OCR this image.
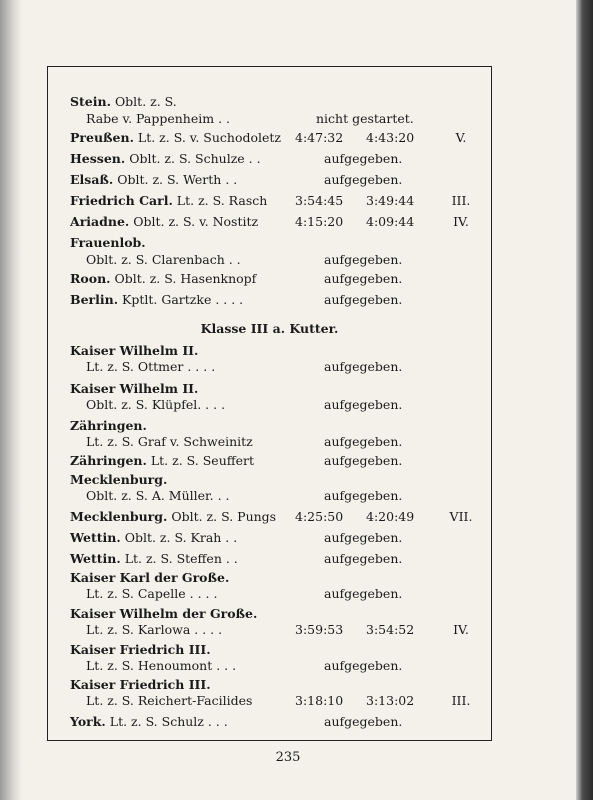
Stein. Oblt. z. S.
Rabe v. Pappenheim . .	nicht gestartet.
Preußen. Lt. z. S. v. Suchodoletz 4:47:32 4:43:20	V.
Hessen. Oblt. z. S. Schulze . .	aufgegeben.
Elsaß. Oblt. z. S. Werth . .	aufgegeben.
Friedrich Carl. Lt. z. S. Rasch 3:54:45 3:49:44	III.
Ariadne. Oblt. z. S. v. Nostitz	4:15:20 4:09:44	IV.
Frauenlob.
Oblt. z. S. Clarenbach . .	aufgegeben.
Roon. Oblt. z. S. Hasenknopf	aufgegeben.
Berlin. Kptlt. Gartzke . . . .	aufgegeben.
Klasse III a. Kutter.
Kaiser Wilhelm II.
Lt. z. S. Ottmer . . . .	aufgegeben.
Kaiser Wilhelm II.
Oblt. z. S. Klüpfel. . . .	aufgegeben.
Zähringen.
Lt. z. S. Graf v. Schweinitz	aufgegeben.
Zähringen. Lt. z. S. Seuffert	aufgegeben.
Mecklenburg.
Oblt. z. S. A. Müller. . .	aufgegeben.
Mecklenburg. Oblt. z. S. Pungs 4:25:50 4:20:49	VII.
Wettin. Oblt. z. S. Krah . .	aufgegeben.
Wettin. Lt. z. S. Steffen . .	aufgegeben.
Kaiser Karl der Große.
Lt. z. S. Capelle . . . .	aufgegeben.
Kaiser Wilhelm der Große.
Lt. z. S. Karlowa . . . .	3:59:53 3:54:52	IV.
Kaiser Friedrich III.
Lt. z. S. Henoumont . . .	aufgegeben.
Kaiser Friedrich III.
Lt. z. S. Reichert-Facilides	3:18:10 3:13:02	III.
York. Lt. z. S. Schulz . . .	aufgegeben.
235
